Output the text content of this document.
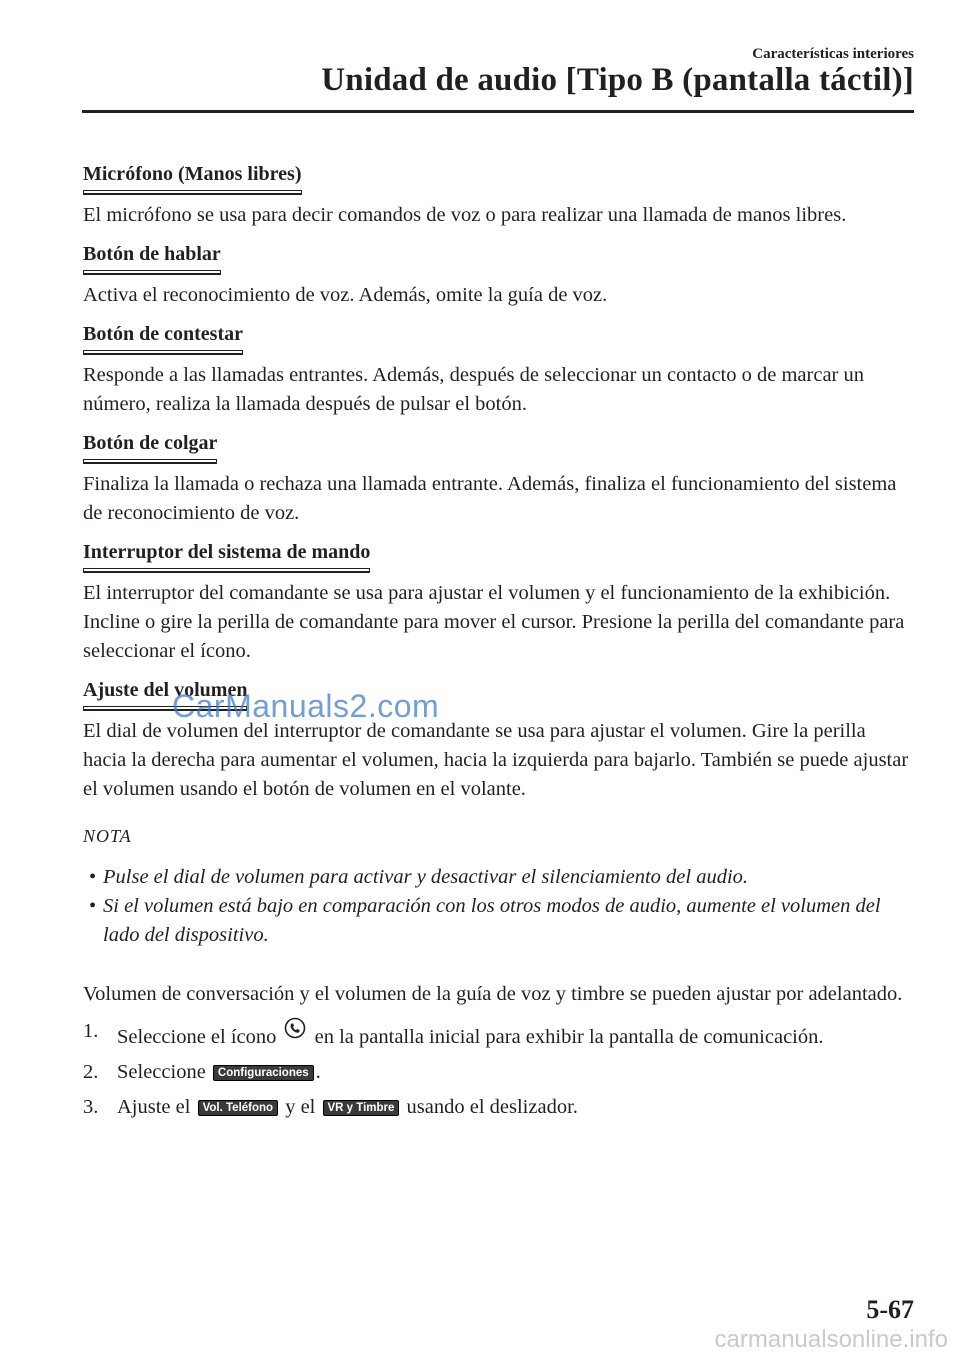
Características interiores
Unidad de audio [Tipo B (pantalla táctil)]
Micrófono (Manos libres)

El micrófono se usa para decir comandos de voz o para realizar una llamada de manos libres.

Botón de hablar

Activa el reconocimiento de voz. Además, omite la guía de voz.

Botón de contestar

Responde a las llamadas entrantes. Además, después de seleccionar un contacto o de marcar un número, realiza la llamada después de pulsar el botón.

Botón de colgar

Finaliza la llamada o rechaza una llamada entrante. Además, finaliza el funcionamiento del sistema de reconocimiento de voz.

Interruptor del sistema de mando

El interruptor del comandante se usa para ajustar el volumen y el funcionamiento de la exhibición. Incline o gire la perilla de comandante para mover el cursor. Presione la perilla del comandante para seleccionar el ícono.

Ajuste del volumen

El dial de volumen del interruptor de comandante se usa para ajustar el volumen. Gire la perilla hacia la derecha para aumentar el volumen, hacia la izquierda para bajarlo. También se puede ajustar el volumen usando el botón de volumen en el volante.

NOTA
• Pulse el dial de volumen para activar y desactivar el silenciamiento del audio.
• Si el volumen está bajo en comparación con los otros modos de audio, aumente el volumen del lado del dispositivo.

Volumen de conversación y el volumen de la guía de voz y timbre se pueden ajustar por adelantado.

1. Seleccione el ícono en la pantalla inicial para exhibir la pantalla de comunicación.
2. Seleccione Configuraciones .
3. Ajuste el Vol. Teléfono y el VR y Timbre usando el deslizador.
CarManuals2.com
5-67
carmanualsonline.info
